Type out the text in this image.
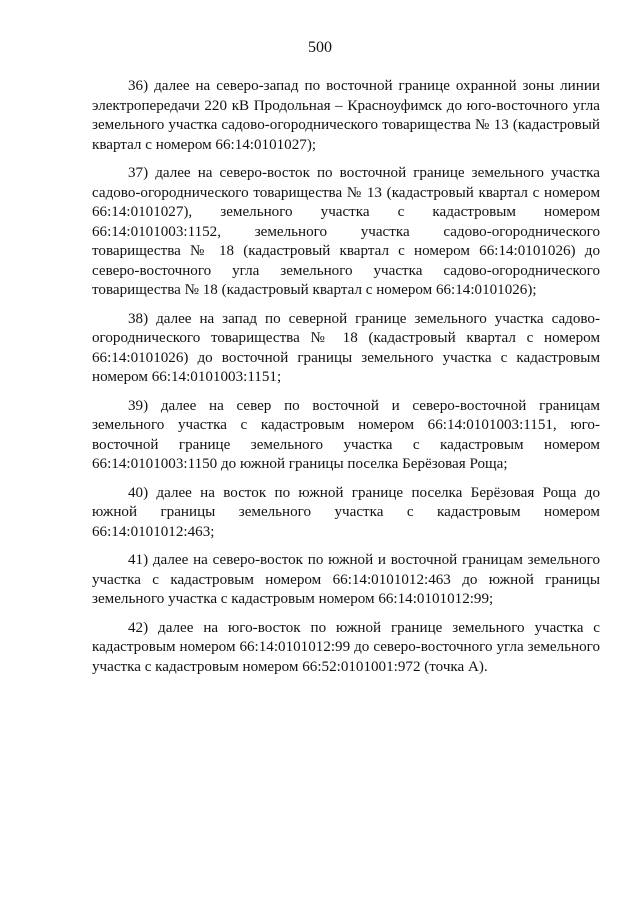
500

36) далее на северо-запад по восточной границе охранной зоны линии электропередачи 220 кВ Продольная – Красноуфимск до юго-восточного угла земельного участка садово-огороднического товарищества № 13 (кадастровый квартал с номером 66:14:0101027);

37) далее на северо-восток по восточной границе земельного участка садово-огороднического товарищества № 13 (кадастровый квартал с номером 66:14:0101027), земельного участка с кадастровым номером 66:14:0101003:1152, земельного участка садово-огороднического товарищества № 18 (кадастровый квартал с номером 66:14:0101026) до северо-восточного угла земельного участка садово-огороднического товарищества № 18 (кадастровый квартал с номером 66:14:0101026);

38) далее на запад по северной границе земельного участка садово-огороднического товарищества № 18 (кадастровый квартал с номером 66:14:0101026) до восточной границы земельного участка с кадастровым номером 66:14:0101003:1151;

39) далее на север по восточной и северо-восточной границам земельного участка с кадастровым номером 66:14:0101003:1151, юго-восточной границе земельного участка с кадастровым номером 66:14:0101003:1150 до южной границы поселка Берёзовая Роща;

40) далее на восток по южной границе поселка Берёзовая Роща до южной границы земельного участка с кадастровым номером 66:14:0101012:463;

41) далее на северо-восток по южной и восточной границам земельного участка с кадастровым номером 66:14:0101012:463 до южной границы земельного участка с кадастровым номером 66:14:0101012:99;

42) далее на юго-восток по южной границе земельного участка с кадастровым номером 66:14:0101012:99 до северо-восточного угла земельного участка с кадастровым номером 66:52:0101001:972 (точка А).
